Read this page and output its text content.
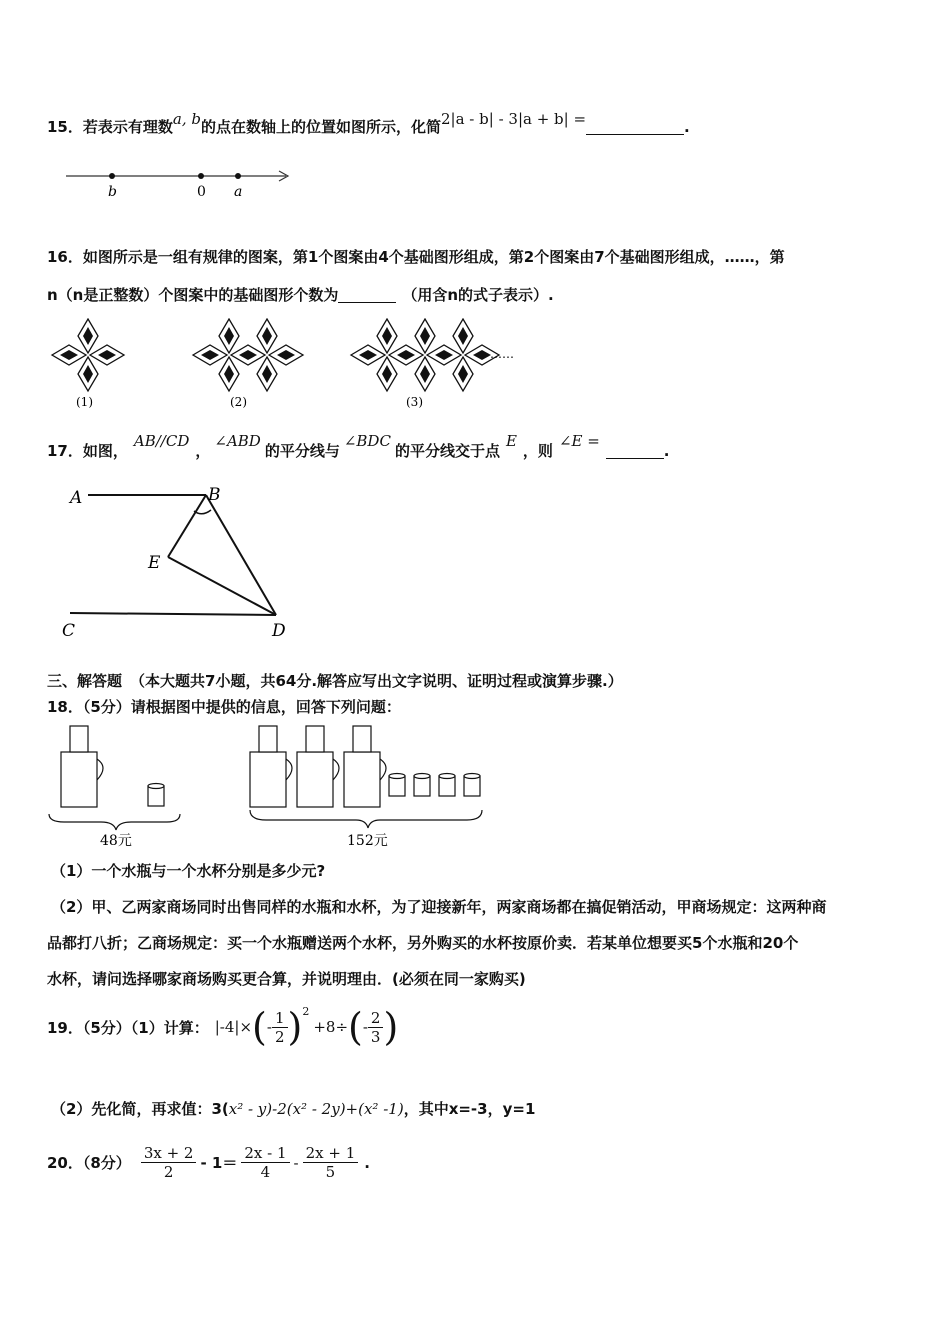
15．若表示有理数a, b的点在数轴上的位置如图所示，化简2|a - b| - 3|a + b| =	.
b	0 a
16．如图所示是一组有规律的图案，第1个图案由4个基础图形组成，第2个图案由7个基础图形组成，……，第
n（n是正整数）个图案中的基础图形个数为	（用含n的式子表示）.
……
(1)	(2)	(3)
17．如图，AB//CD，∠ABD的平分线与∠BDC的平分线交于点E，则∠E =.
A	B
E
C	D
三、解答题 （本大题共7小题，共64分.解答应写出文字说明、证明过程或演算步骤.）
18．（5分）请根据图中提供的信息，回答下列问题：
48元	152元
（1）一个水瓶与一个水杯分别是多少元?
（2）甲、乙两家商场同时出售同样的水瓶和水杯，为了迎接新年，两家商场都在搞促销活动，甲商场规定：这两种商
品都打八折；乙商场规定：买一个水瓶赠送两个水杯，另外购买的水杯按原价卖．若某单位想要买5个水瓶和20个
水杯，请问选择哪家商场购买更合算，并说明理由．(必须在同一家购买)
19．（5分）（1）计算： |-4|× ( - $\frac{1}{2}$ ) 2
+8÷ ( - $\frac{2}{3}$ )
（2）先化简，再求值：3(x² - y)-2(x² - 2y)+(x² -1)，其中x=-3，y=1
20．（8分） $\frac{3x + 2}{2} - 1= \frac{2x - 1}{4} - \frac{2x + 1}{5}$ .
